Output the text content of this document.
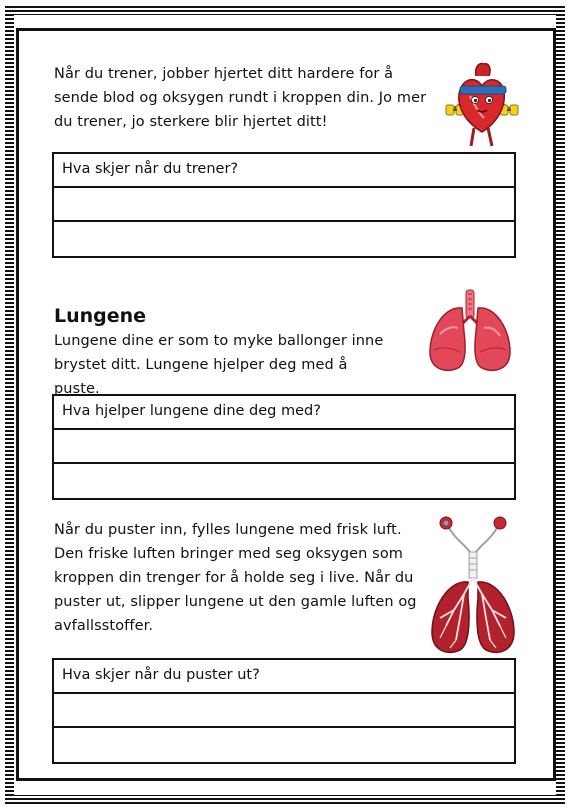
Når du trener, jobber hjertet ditt hardere for å
sende blod og oksygen rundt i kroppen din. Jo mer
du trener, jo sterkere blir hjertet ditt!

Hva skjer når du trener?
Lungene

Lungene dine er som to myke ballonger inne
brystet ditt. Lungene hjelper deg med å
puste.

Hva hjelper lungene dine deg med?

Når du puster inn, fylles lungene med frisk luft.
Den friske luften bringer med seg oksygen som
kroppen din trenger for å holde seg i live. Når du
puster ut, slipper lungene ut den gamle luften og
avfallsstoffer.

Hva skjer når du puster ut?
